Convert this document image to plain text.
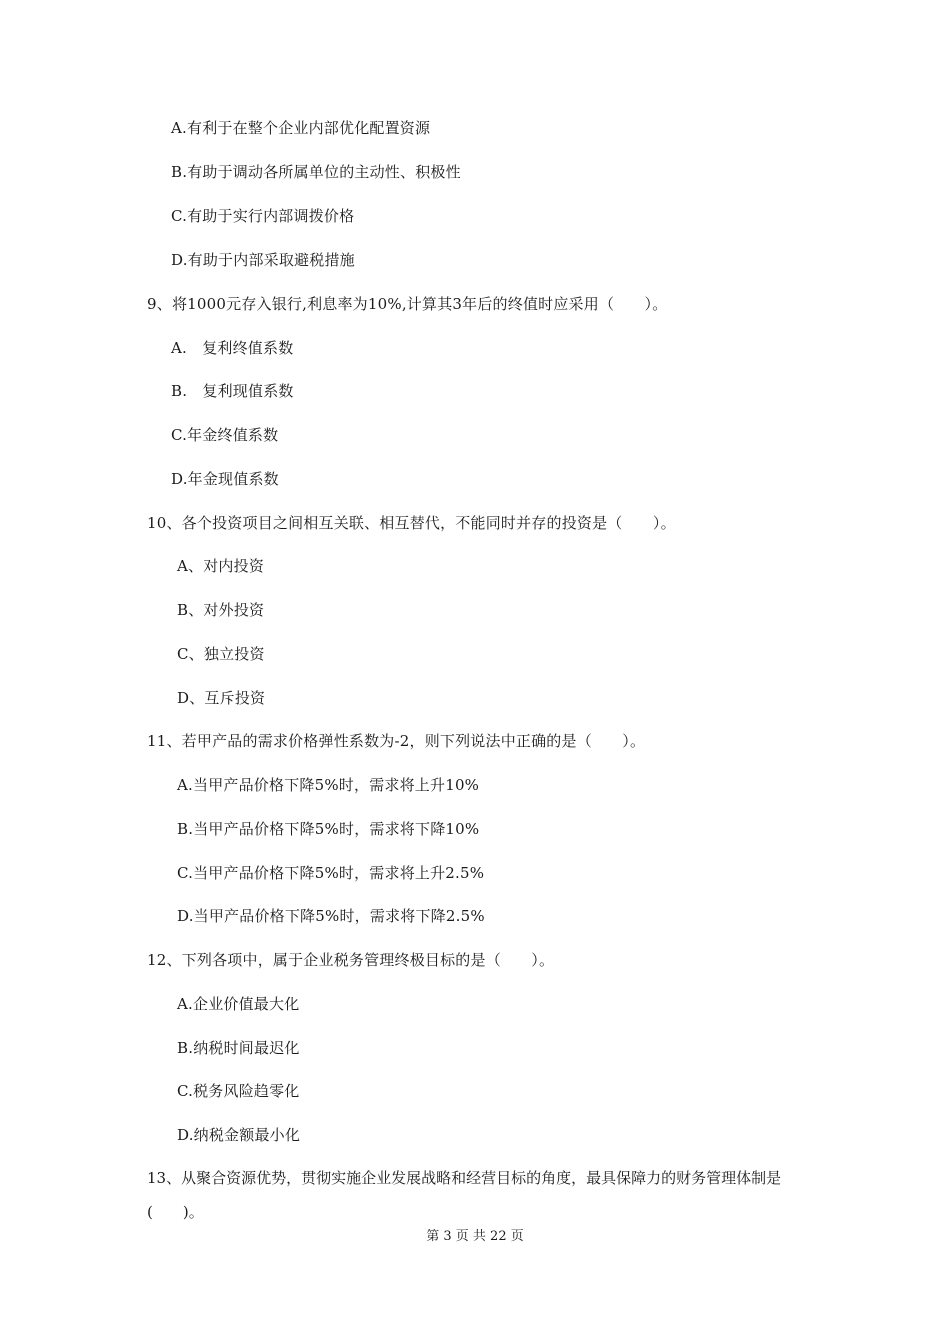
A.有利于在整个企业内部优化配置资源
B.有助于调动各所属单位的主动性、积极性
C.有助于实行内部调拨价格
D.有助于内部采取避税措施
9、将1000元存入银行,利息率为10%,计算其3年后的终值时应采用（　　）。
A.　复利终值系数
B.　复利现值系数
C.年金终值系数
D.年金现值系数
10、各个投资项目之间相互关联、相互替代，不能同时并存的投资是（　　）。
A、对内投资
B、对外投资
C、独立投资
D、互斥投资
11、若甲产品的需求价格弹性系数为-2，则下列说法中正确的是（　　）。
A.当甲产品价格下降5%时，需求将上升10%
B.当甲产品价格下降5%时，需求将下降10%
C.当甲产品价格下降5%时，需求将上升2.5%
D.当甲产品价格下降5%时，需求将下降2.5%
12、下列各项中，属于企业税务管理终极目标的是（　　）。
A.企业价值最大化
B.纳税时间最迟化
C.税务风险趋零化
D.纳税金额最小化
13、从聚合资源优势，贯彻实施企业发展战略和经营目标的角度，最具保障力的财务管理体制是(　　)。
第 3 页 共 22 页
